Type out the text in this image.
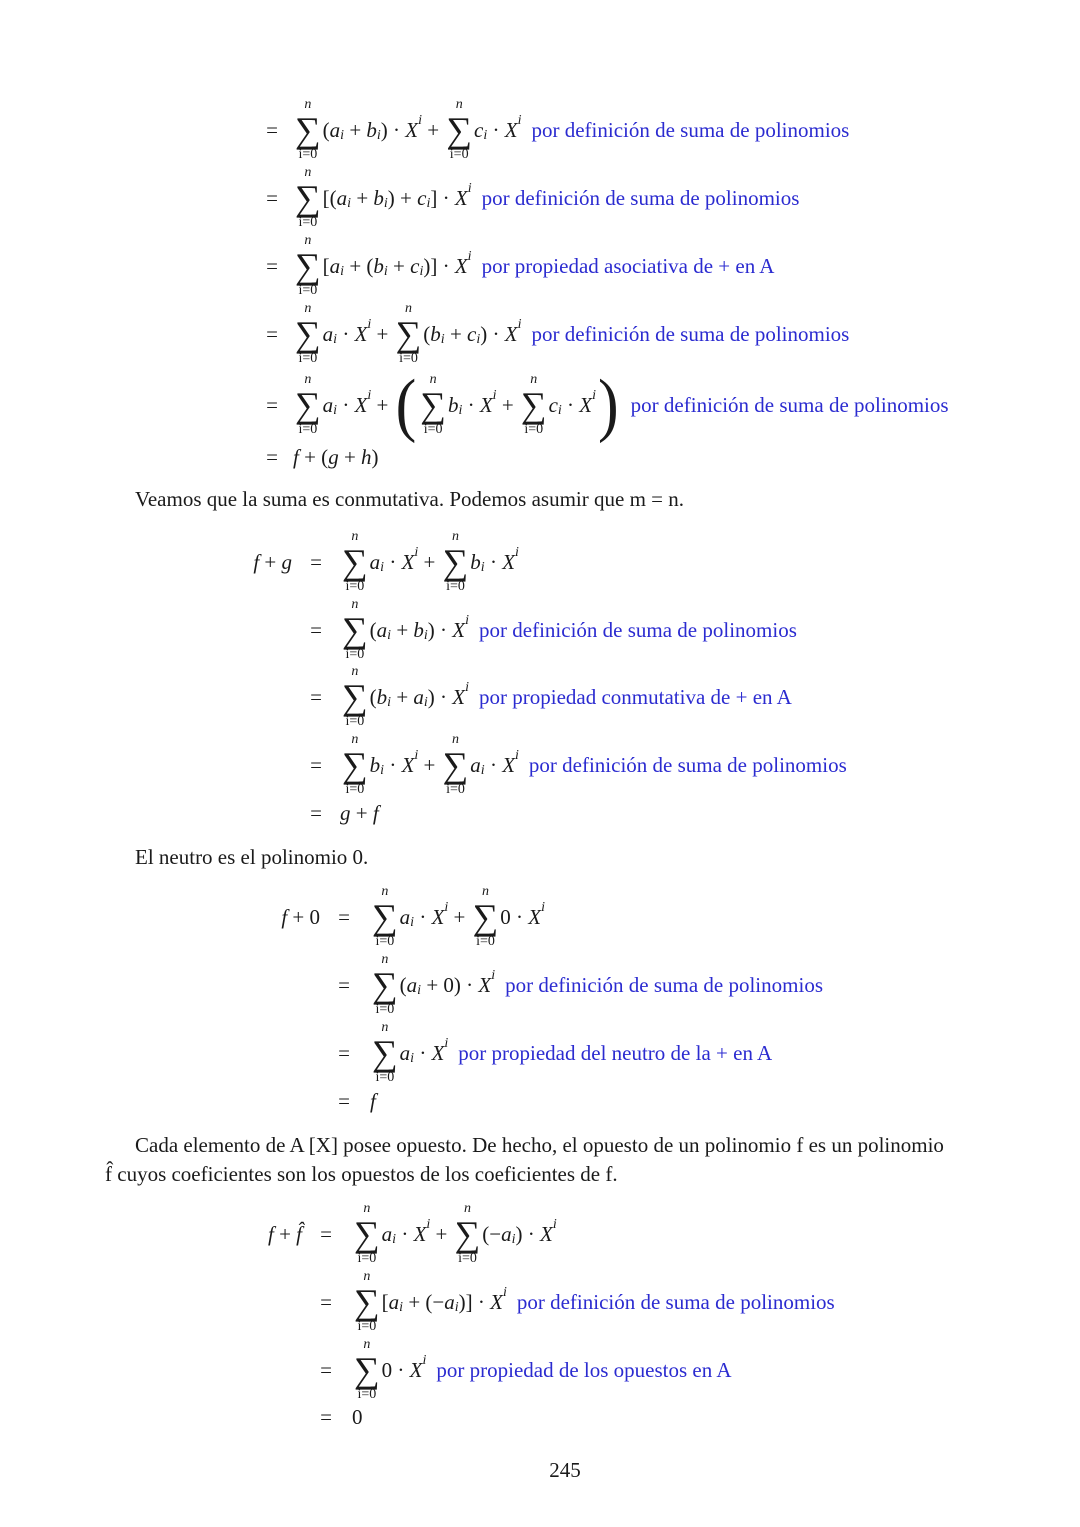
Veamos que la suma es conmutativa. Podemos asumir que m = n.
El neutro es el polinomio 0.
Cada elemento de A [X] posee opuesto. De hecho, el opuesto de un polinomio f es un polinomio
f̂ cuyos coeficientes son los opuestos de los coeficientes de f.
245
=
n
∑
i=0
( a i + b i ) · X i +
n
∑
i=0
c i · X i por definición de suma de polinomios
=
n
∑
i=0
[( a i + b i ) + c i ] · X i por definición de suma de polinomios
=
n
∑
i=0
[ a i + ( b i + c i )] · X i por propiedad asociativa de + en A
=
n
∑
i=0
a i · X i +
n
∑
i=0
( b i + c i ) · X i por definición de suma de polinomios
=
n
∑
i=0
a i · X i + ( n
∑
i=0
b i · X i +
n
∑
i=0
c i · X i ) por definición de suma de polinomios
= f + ( g + h )
f + g =
n
∑
i=0
a i · X i +
n
∑
i=0
b i · X i
=
n
∑
i=0
( a i + b i ) · X i por definición de suma de polinomios
=
n
∑
i=0
( b i + a i ) · X i por propiedad conmutativa de + en A
=
n
∑
i=0
b i · X i +
n
∑
i=0
a i · X i por definición de suma de polinomios
= g + f
f + 0 =
n
∑
i=0
a i · X i +
n
∑
i=0
0 · X i
=
n
∑
i=0
( a i + 0) · X i por definición de suma de polinomios
=
n
∑
i=0
a i · X i por propiedad del neutro de la + en A
= f
f + f̂ =
n
∑
i=0
a i · X i +
n
∑
i=0
(− a i ) · X i
=
n
∑
i=0
[ a i + (− a i )] · X i por definición de suma de polinomios
=
n
∑
i=0
0 · X i por propiedad de los opuestos en A
= 0
